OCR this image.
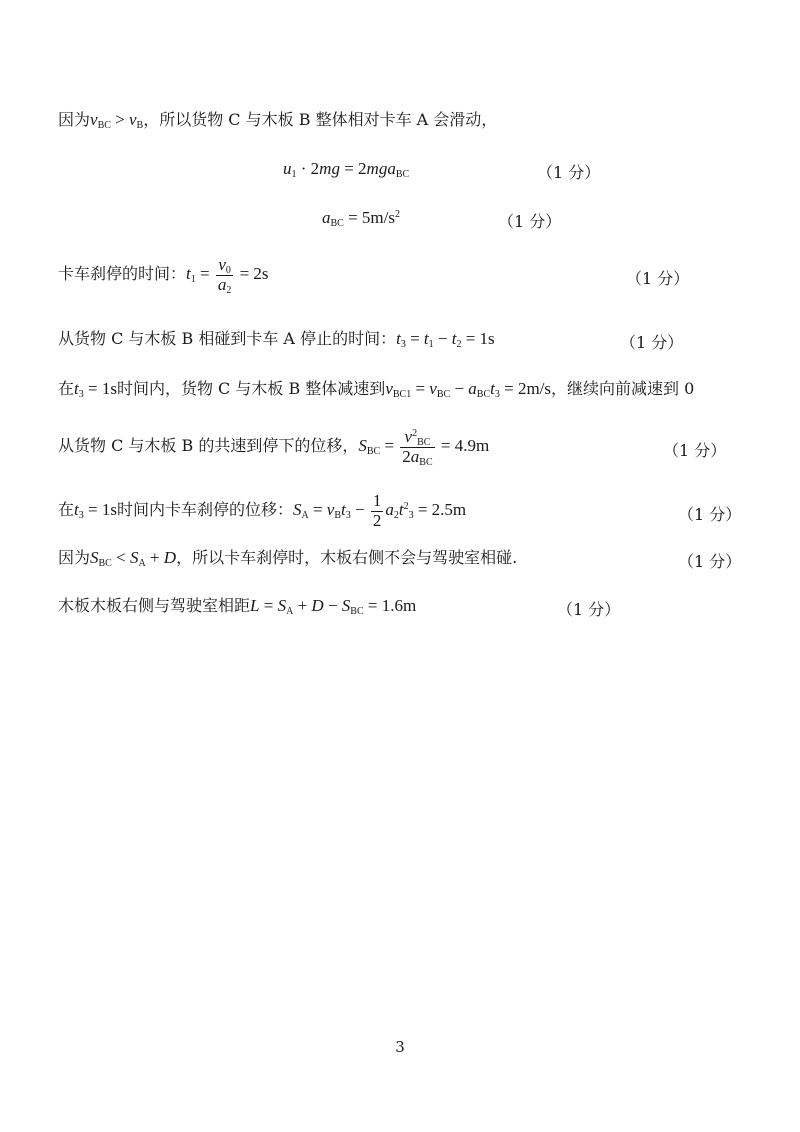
因为$v_{BC} > v_B$，所以货物 C 与木板 B 整体相对卡车 A 会滑动，
$u_1 \cdot 2mg = 2mga_{BC}$	（1 分）
$a_{BC} = 5m/s^2$	（1 分）
卡车刹停的时间：$t_1 = \frac{v_0}{a_2} = 2s$	（1 分）
从货物 C 与木板 B 相碰到卡车 A 停止的时间：$t_3 = t_1 - t_2 = 1s$	（1 分）
在$t_3 = 1s$时间内，货物 C 与木板 B 整体减速到$v_{BC1} = v_{BC} - a_{BC}t_3 = 2m/s$，继续向前减速到 0
从货物 C 与木板 B 的共速到停下的位移，$S_{BC} = \frac{v^2_{BC}}{2a_{BC}} = 4.9m$	（1 分）
在$t_3 = 1s$时间内卡车刹停的位移：$S_A = v_Bt_3 - \frac{1}{2} a_2t^2_3 = 2.5m$	（1 分）
因为$S_{BC} < S_A + D$，所以卡车刹停时，木板右侧不会与驾驶室相碰.	（1 分）
木板木板右侧与驾驶室相距$L = S_A + D - S_{BC} = 1.6m$	（1 分）
3
